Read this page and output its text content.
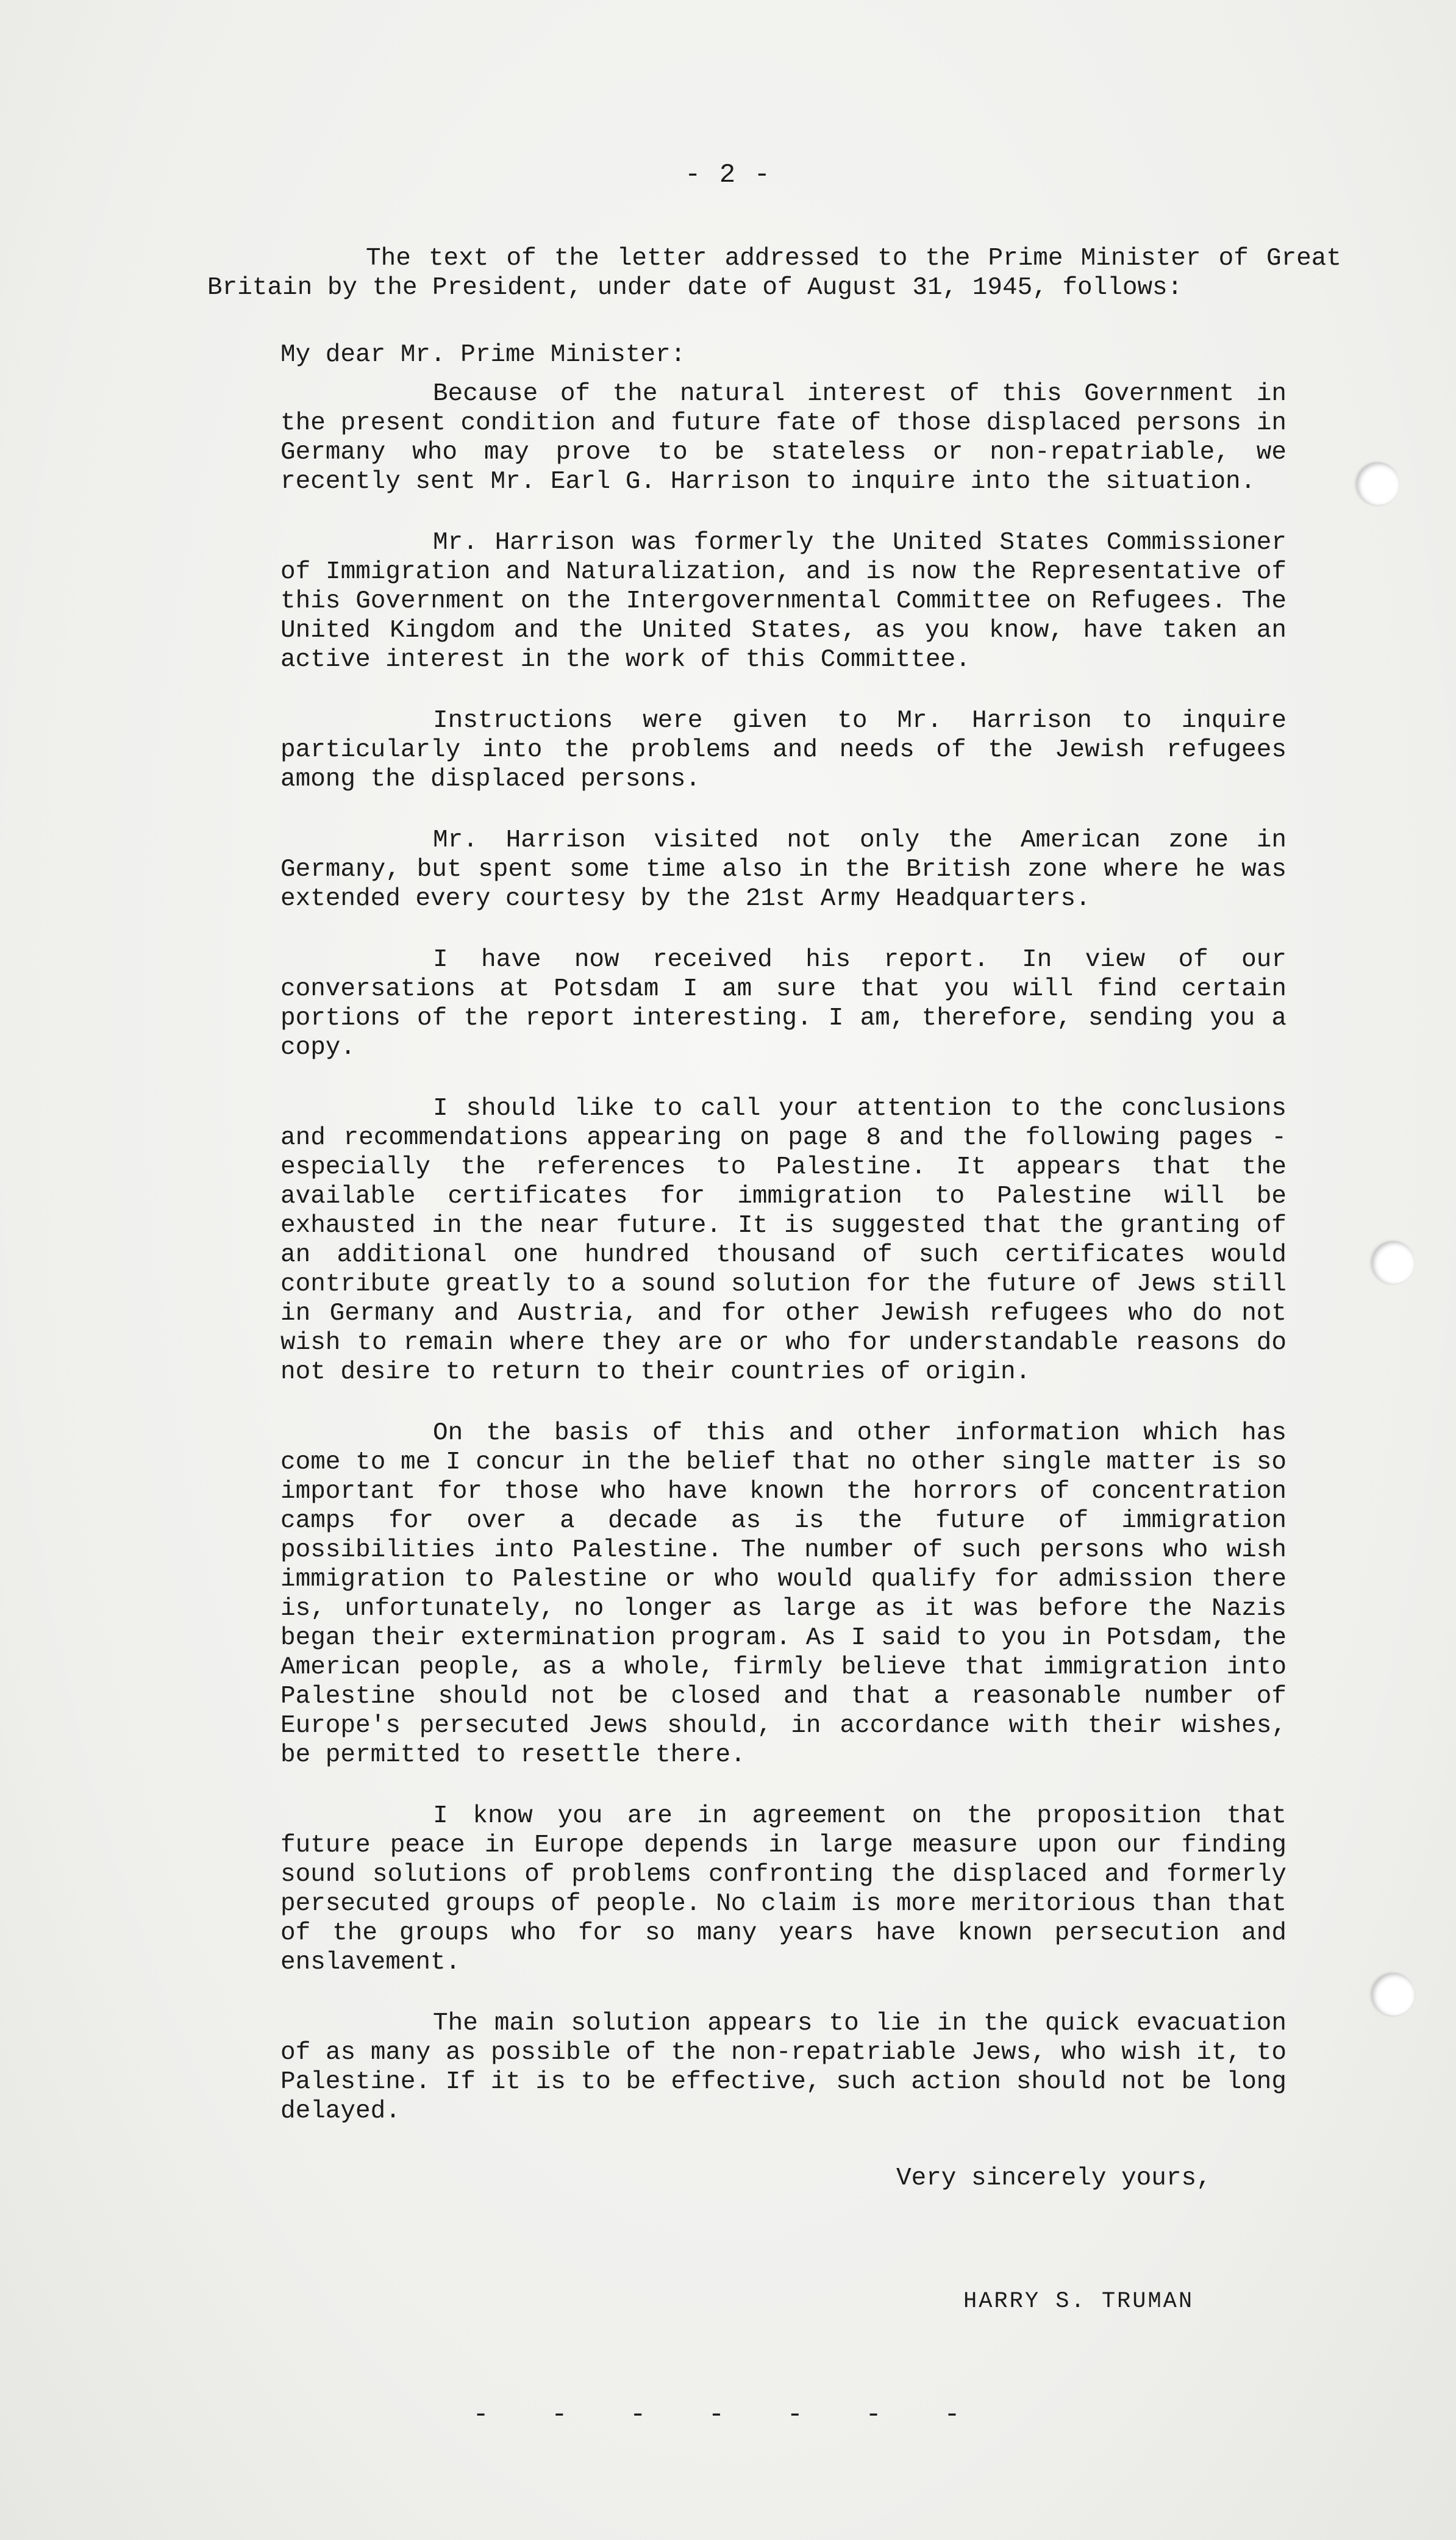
- 2 -

The text of the letter addressed to the Prime Minister of Great Britain by the President, under date of August 31, 1945, follows:

My dear Mr. Prime Minister:

Because of the natural interest of this Government in the present condition and future fate of those displaced persons in Germany who may prove to be stateless or non-repatriable, we recently sent Mr. Earl G. Harrison to inquire into the situation.

Mr. Harrison was formerly the United States Commissioner of Immigration and Naturalization, and is now the Representative of this Government on the Intergovernmental Committee on Refugees. The United Kingdom and the United States, as you know, have taken an active interest in the work of this Committee.

Instructions were given to Mr. Harrison to inquire particularly into the problems and needs of the Jewish refugees among the displaced persons.

Mr. Harrison visited not only the American zone in Germany, but spent some time also in the British zone where he was extended every courtesy by the 21st Army Headquarters.

I have now received his report. In view of our conversations at Potsdam I am sure that you will find certain portions of the report interesting. I am, therefore, sending you a copy.

I should like to call your attention to the conclusions and recommendations appearing on page 8 and the following pages - especially the references to Palestine. It appears that the available certificates for immigration to Palestine will be exhausted in the near future. It is suggested that the granting of an additional one hundred thousand of such certificates would contribute greatly to a sound solution for the future of Jews still in Germany and Austria, and for other Jewish refugees who do not wish to remain where they are or who for understandable reasons do not desire to return to their countries of origin.

On the basis of this and other information which has come to me I concur in the belief that no other single matter is so important for those who have known the horrors of concentration camps for over a decade as is the future of immigration possibilities into Palestine. The number of such persons who wish immigration to Palestine or who would qualify for admission there is, unfortunately, no longer as large as it was before the Nazis began their extermination program. As I said to you in Potsdam, the American people, as a whole, firmly believe that immigration into Palestine should not be closed and that a reasonable number of Europe's persecuted Jews should, in accordance with their wishes, be permitted to resettle there.

I know you are in agreement on the proposition that future peace in Europe depends in large measure upon our finding sound solutions of problems confronting the displaced and formerly persecuted groups of people. No claim is more meritorious than that of the groups who for so many years have known persecution and enslavement.

The main solution appears to lie in the quick evacuation of as many as possible of the non-repatriable Jews, who wish it, to Palestine. If it is to be effective, such action should not be long delayed.

Very sincerely yours,

HARRY S. TRUMAN

- - - - - - -
